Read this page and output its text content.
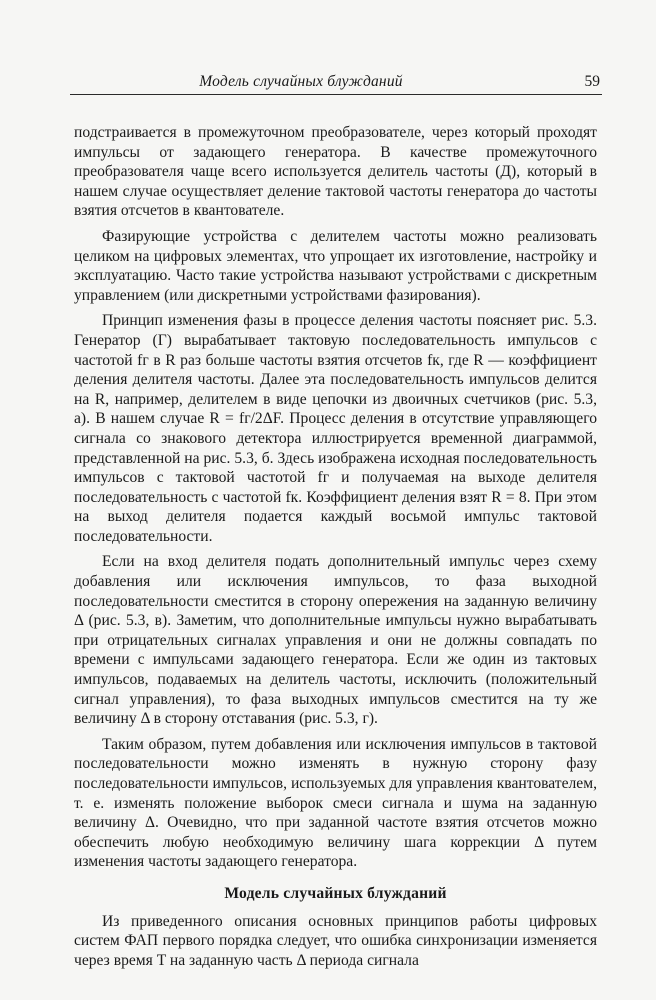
Модель случайных блужданий	59

подстраивается в промежуточном преобразователе, через который проходят импульсы от задающего генератора. В качестве промежуточного преобразователя чаще всего используется делитель частоты (Д), который в нашем случае осуществляет деление тактовой частоты генератора до частоты взятия отсчетов в квантователе.

Фазирующие устройства с делителем частоты можно реализовать целиком на цифровых элементах, что упрощает их изготовление, настройку и эксплуатацию. Часто такие устройства называют устройствами с дискретным управлением (или дискретными устройствами фазирования).

Принцип изменения фазы в процессе деления частоты поясняет рис. 5.3. Генератор (Г) вырабатывает тактовую последовательность импульсов с частотой fг в R раз больше частоты взятия отсчетов fк, где R — коэффициент деления делителя частоты. Далее эта последовательность импульсов делится на R, например, делителем в виде цепочки из двоичных счетчиков (рис. 5.3, а). В нашем случае R = fг/2ΔF. Процесс деления в отсутствие управляющего сигнала со знакового детектора иллюстрируется временной диаграммой, представленной на рис. 5.3, б. Здесь изображена исходная последовательность импульсов с тактовой частотой fг и получаемая на выходе делителя последовательность с частотой fк. Коэффициент деления взят R = 8. При этом на выход делителя подается каждый восьмой импульс тактовой последовательности.

Если на вход делителя подать дополнительный импульс через схему добавления или исключения импульсов, то фаза выходной последовательности сместится в сторону опережения на заданную величину Δ (рис. 5.3, в). Заметим, что дополнительные импульсы нужно вырабатывать при отрицательных сигналах управления и они не должны совпадать по времени с импульсами задающего генератора. Если же один из тактовых импульсов, подаваемых на делитель частоты, исключить (положительный сигнал управления), то фаза выходных импульсов сместится на ту же величину Δ в сторону отставания (рис. 5.3, г).

Таким образом, путем добавления или исключения импульсов в тактовой последовательности можно изменять в нужную сторону фазу последовательности импульсов, используемых для управления квантователем, т. е. изменять положение выборок смеси сигнала и шума на заданную величину Δ. Очевидно, что при заданной частоте взятия отсчетов можно обеспечить любую необходимую величину шага коррекции Δ путем изменения частоты задающего генератора.

Модель случайных блужданий

Из приведенного описания основных принципов работы цифровых систем ФАП первого порядка следует, что ошибка синхронизации изменяется через время T на заданную часть Δ периода сигнала
